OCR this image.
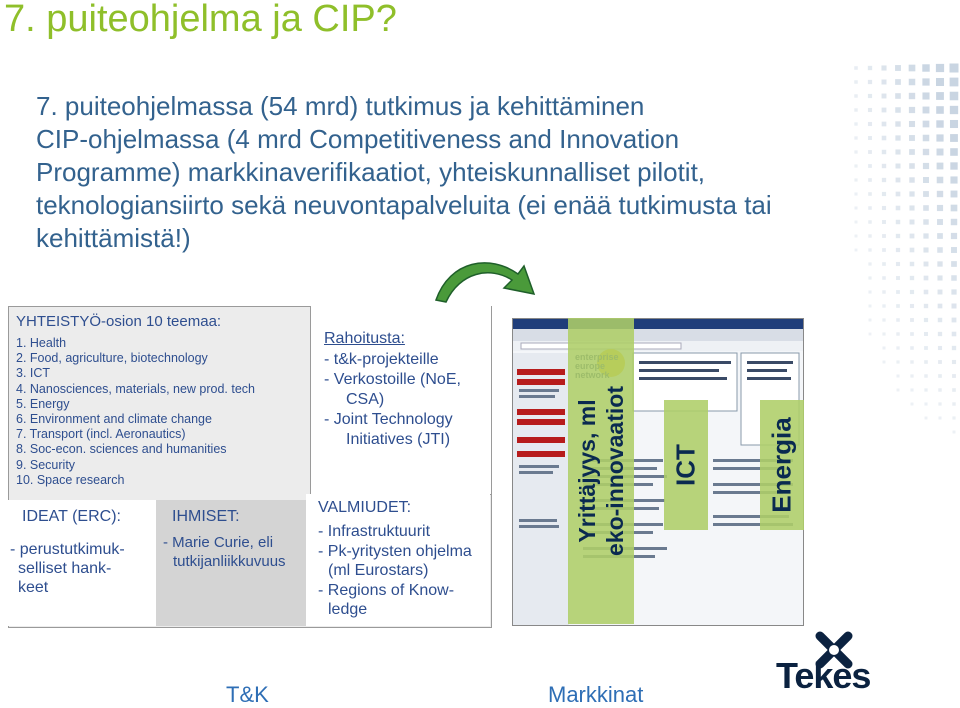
7. puiteohjelma ja CIP?
7. puiteohjelmassa (54 mrd) tutkimus ja kehittäminen
CIP-ohjelmassa (4 mrd Competitiveness and Innovation
Programme) markkinaverifikaatiot, yhteiskunnalliset pilotit,
teknologiansiirto sekä neuvontapalveluita (ei enää tutkimusta tai
kehittämistä!)
YHTEISTYÖ-osion 10 teemaa:
1. Health
2. Food, agriculture, biotechnology
3. ICT
4. Nanosciences, materials, new prod. tech
5. Energy
6. Environment and climate change
7. Transport (incl. Aeronautics)
8. Soc-econ. sciences and humanities
9. Security
10. Space research
Rahoitusta:
- t&k-projekteille
- Verkostoille (NoE, CSA)
- Joint Technology Initiatives (JTI)
IDEAT (ERC):
- perustutkimuk-
selliset hank-
keet
IHMISET:
- Marie Curie, eli
tutkijanliikkuvuus
VALMIUDET:
- Infrastruktuurit
- Pk-yritysten ohjelma (ml Eurostars)
- Regions of Know-ledge
Yrittäjyys, ml eko-innovaatiot ICT	Energia
T&K	Markkinat	Tekes
